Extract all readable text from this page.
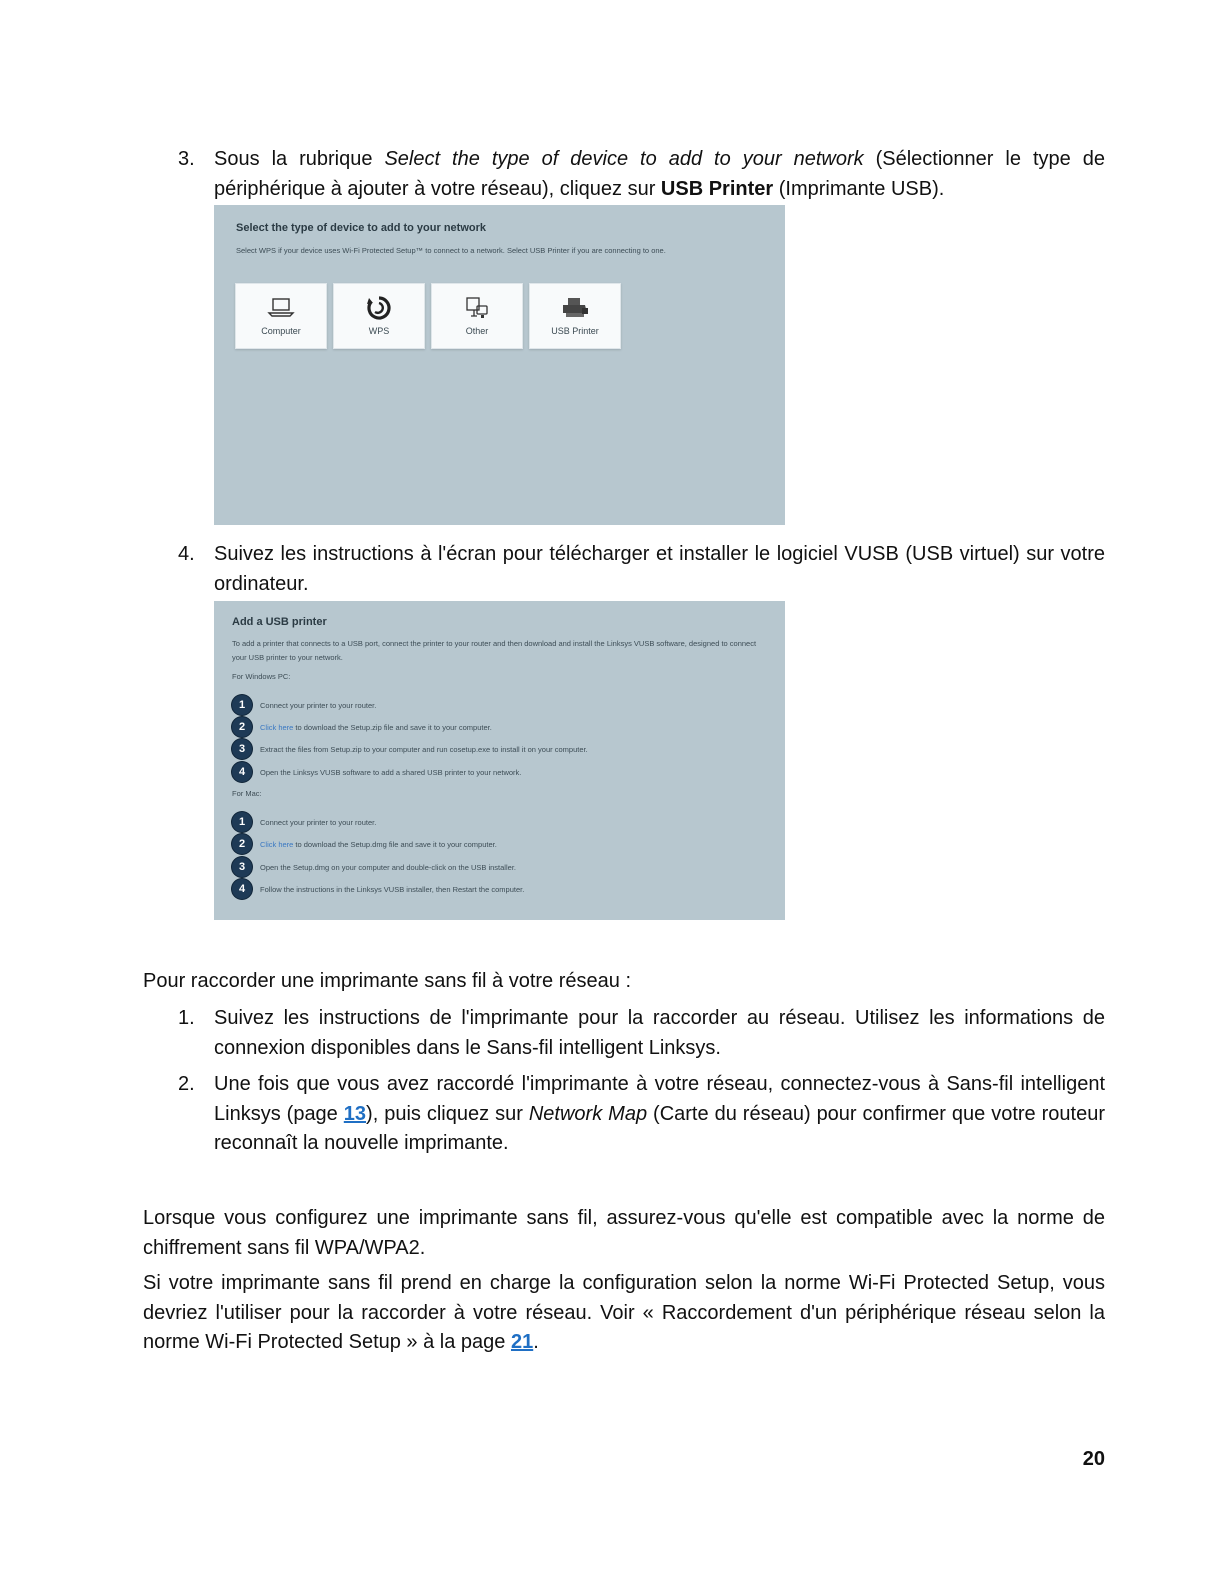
3. Sous la rubrique Select the type of device to add to your network (Sélectionner le type de périphérique à ajouter à votre réseau), cliquez sur USB Printer (Imprimante USB).
Select the type of device to add to your network
Select WPS if your device uses Wi-Fi Protected Setup™ to connect to a network. Select USB Printer if you are connecting to one.
Computer	WPS	Other	USB Printer
4. Suivez les instructions à l'écran pour télécharger et installer le logiciel VUSB (USB virtuel) sur votre ordinateur.
Add a USB printer
To add a printer that connects to a USB port, connect the printer to your router and then download and install the Linksys VUSB software, designed to connect your USB printer to your network.
For Windows PC:
1	Connect your printer to your router.
2	Click here to download the Setup.zip file and save it to your computer.
3	Extract the files from Setup.zip to your computer and run cosetup.exe to install it on your computer.
4	Open the Linksys VUSB software to add a shared USB printer to your network.
For Mac:
1	Connect your printer to your router.
2	Click here to download the Setup.dmg file and save it to your computer.
3	Open the Setup.dmg on your computer and double-click on the USB installer.
4	Follow the instructions in the Linksys VUSB installer, then Restart the computer.
Pour raccorder une imprimante sans fil à votre réseau :
1. Suivez les instructions de l'imprimante pour la raccorder au réseau. Utilisez les informations de connexion disponibles dans le Sans-fil intelligent Linksys.
2. Une fois que vous avez raccordé l'imprimante à votre réseau, connectez-vous à Sans-fil intelligent Linksys (page 13), puis cliquez sur Network Map (Carte du réseau) pour confirmer que votre routeur reconnaît la nouvelle imprimante.
Lorsque vous configurez une imprimante sans fil, assurez-vous qu'elle est compatible avec la norme de chiffrement sans fil WPA/WPA2.
Si votre imprimante sans fil prend en charge la configuration selon la norme Wi-Fi Protected Setup, vous devriez l'utiliser pour la raccorder à votre réseau. Voir « Raccordement d'un périphérique réseau selon la norme Wi-Fi Protected Setup » à la page 21.
20
